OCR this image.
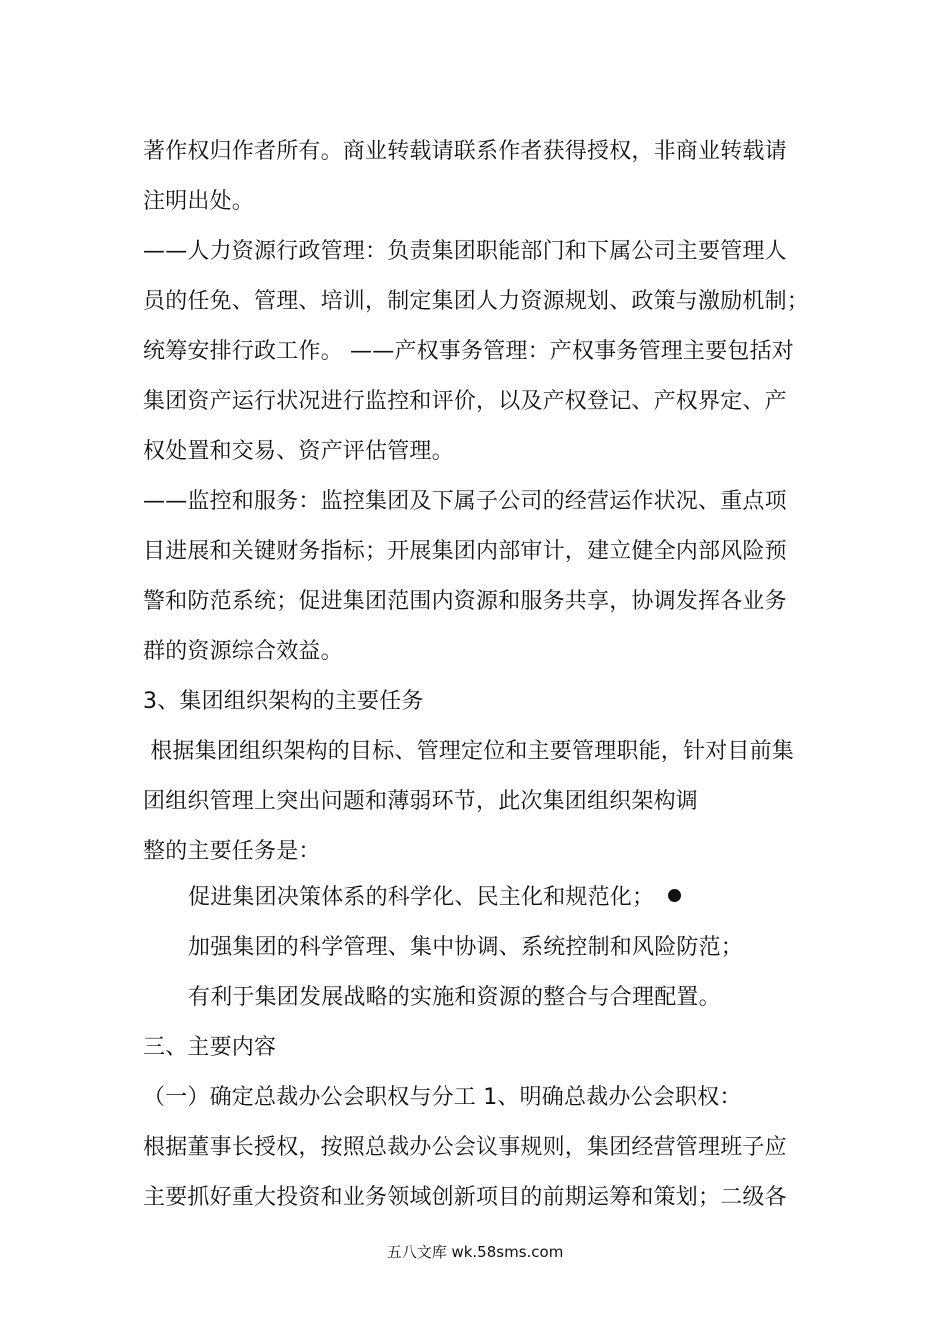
著作权归作者所有。商业转载请联系作者获得授权，非商业转载请
注明出处。
——人力资源行政管理：负责集团职能部门和下属公司主要管理人
员的任免、管理、培训，制定集团人力资源规划、政策与激励机制；
统筹安排行政工作。 ——产权事务管理：产权事务管理主要包括对
集团资产运行状况进行监控和评价，以及产权登记、产权界定、产
权处置和交易、资产评估管理。
——监控和服务：监控集团及下属子公司的经营运作状况、重点项
目进展和关键财务指标；开展集团内部审计，建立健全内部风险预
警和防范系统；促进集团范围内资源和服务共享，协调发挥各业务
群的资源综合效益。
3、集团组织架构的主要任务
根据集团组织架构的目标、管理定位和主要管理职能，针对目前集
团组织管理上突出问题和薄弱环节，此次集团组织架构调
整的主要任务是：
促进集团决策体系的科学化、民主化和规范化；
加强集团的科学管理、集中协调、系统控制和风险防范；
有利于集团发展战略的实施和资源的整合与合理配置。
三、主要内容
（一）确定总裁办公会职权与分工 1、明确总裁办公会职权：
根据董事长授权，按照总裁办公会议事规则，集团经营管理班子应
主要抓好重大投资和业务领域创新项目的前期运筹和策划；二级各
五八文库 wk.58sms.com
